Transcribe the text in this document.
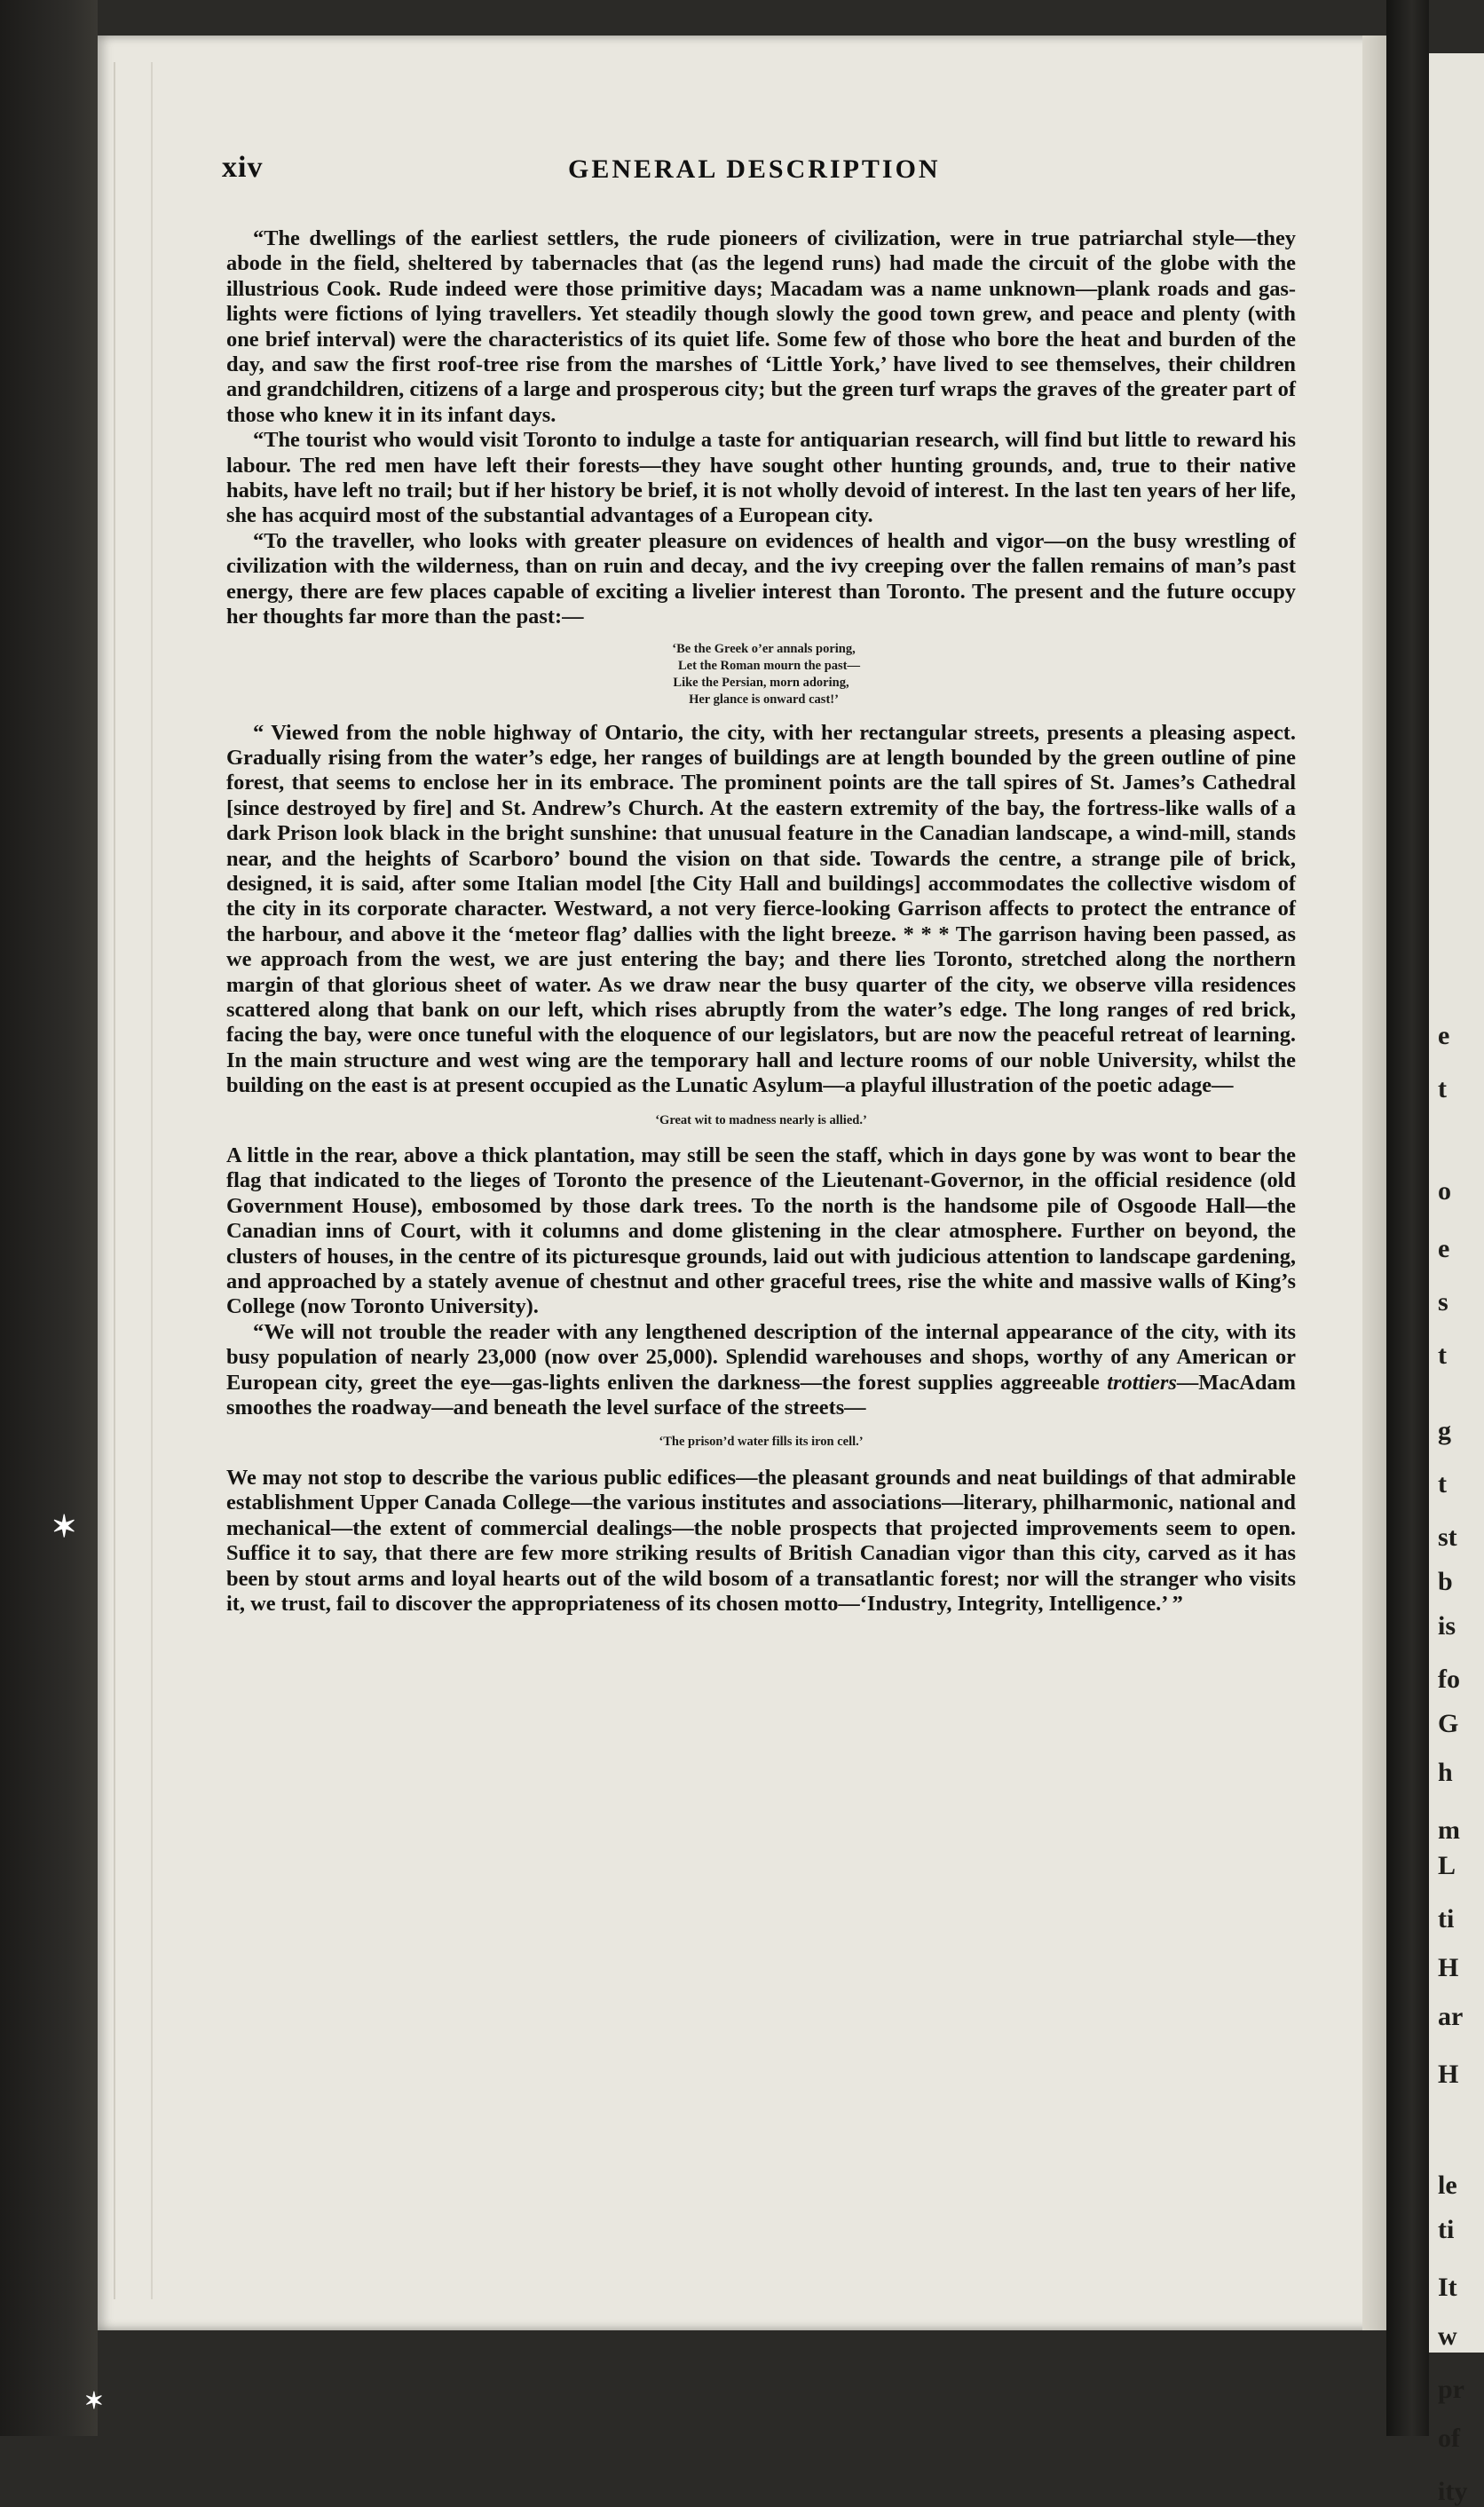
e
t
o
e
s
t
g
t
st
b
is
fo
G
h
m
L
ti
H
ar
H
le
ti
It
w
pr
of
ity
xiv	GENERAL DESCRIPTION

“The dwellings of the earliest settlers, the rude pioneers of civilization, were in true patriarchal style—they abode in the field, sheltered by tabernacles that (as the legend runs) had made the circuit of the globe with the illustrious Cook. Rude indeed were those primitive days; Macadam was a name unknown—plank roads and gas-lights were fictions of lying travellers. Yet steadily though slowly the good town grew, and peace and plenty (with one brief interval) were the characteristics of its quiet life. Some few of those who bore the heat and burden of the day, and saw the first roof-tree rise from the marshes of ‘Little York,’ have lived to see themselves, their children and grandchildren, citizens of a large and prosperous city; but the green turf wraps the graves of the greater part of those who knew it in its infant days.

“The tourist who would visit Toronto to indulge a taste for antiquarian research, will find but little to reward his labour. The red men have left their forests—they have sought other hunting grounds, and, true to their native habits, have left no trail; but if her history be brief, it is not wholly devoid of interest. In the last ten years of her life, she has acquird most of the substantial advantages of a European city.

“To the traveller, who looks with greater pleasure on evidences of health and vigor—on the busy wrestling of civilization with the wilderness, than on ruin and decay, and the ivy creeping over the fallen remains of man’s past energy, there are few places capable of exciting a livelier interest than Toronto. The present and the future occupy her thoughts far more than the past:—

‘Be the Greek o’er annals poring,
Let the Roman mourn the past—
Like the Persian, morn adoring,
Her glance is onward cast!’

“ Viewed from the noble highway of Ontario, the city, with her rectangular streets, presents a pleasing aspect. Gradually rising from the water’s edge, her ranges of buildings are at length bounded by the green outline of pine forest, that seems to enclose her in its embrace. The prominent points are the tall spires of St. James’s Cathedral [since destroyed by fire] and St. Andrew’s Church. At the eastern extremity of the bay, the fortress-like walls of a dark Prison look black in the bright sunshine: that unusual feature in the Canadian landscape, a wind-mill, stands near, and the heights of Scarboro’ bound the vision on that side. Towards the centre, a strange pile of brick, designed, it is said, after some Italian model [the City Hall and buildings] accommodates the collective wisdom of the city in its corporate character. Westward, a not very fierce-looking Garrison affects to protect the entrance of the harbour, and above it the ‘meteor flag’ dallies with the light breeze. * * * The garrison having been passed, as we approach from the west, we are just entering the bay; and there lies Toronto, stretched along the northern margin of that glorious sheet of water. As we draw near the busy quarter of the city, we observe villa residences scattered along that bank on our left, which rises abruptly from the water’s edge. The long ranges of red brick, facing the bay, were once tuneful with the eloquence of our legislators, but are now the peaceful retreat of learning. In the main structure and west wing are the temporary hall and lecture rooms of our noble University, whilst the building on the east is at present occupied as the Lunatic Asylum—a playful illustration of the poetic adage—

‘Great wit to madness nearly is allied.’

A little in the rear, above a thick plantation, may still be seen the staff, which in days gone by was wont to bear the flag that indicated to the lieges of Toronto the presence of the Lieutenant-Governor, in the official residence (old Government House), embosomed by those dark trees. To the north is the handsome pile of Osgoode Hall—the Canadian inns of Court, with it columns and dome glistening in the clear atmosphere. Further on beyond, the clusters of houses, in the centre of its picturesque grounds, laid out with judicious attention to landscape gardening, and approached by a stately avenue of chestnut and other graceful trees, rise the white and massive walls of King’s College (now Toronto University).

“We will not trouble the reader with any lengthened description of the internal appearance of the city, with its busy population of nearly 23,000 (now over 25,000). Splendid warehouses and shops, worthy of any American or European city, greet the eye—gas-lights enliven the darkness—the forest supplies aggreeable trottiers—MacAdam smoothes the roadway—and beneath the level surface of the streets—

‘The prison’d water fills its iron cell.’

We may not stop to describe the various public edifices—the pleasant grounds and neat buildings of that admirable establishment Upper Canada College—the various institutes and associations—literary, philharmonic, national and mechanical—the extent of commercial dealings—the noble prospects that projected improvements seem to open. Suffice it to say, that there are few more striking results of British Canadian vigor than this city, carved as it has been by stout arms and loyal hearts out of the wild bosom of a transatlantic forest; nor will the stranger who visits it, we trust, fail to discover the appropriateness of its chosen motto—‘Industry, Integrity, Intelligence.’ ”

✶
✶
